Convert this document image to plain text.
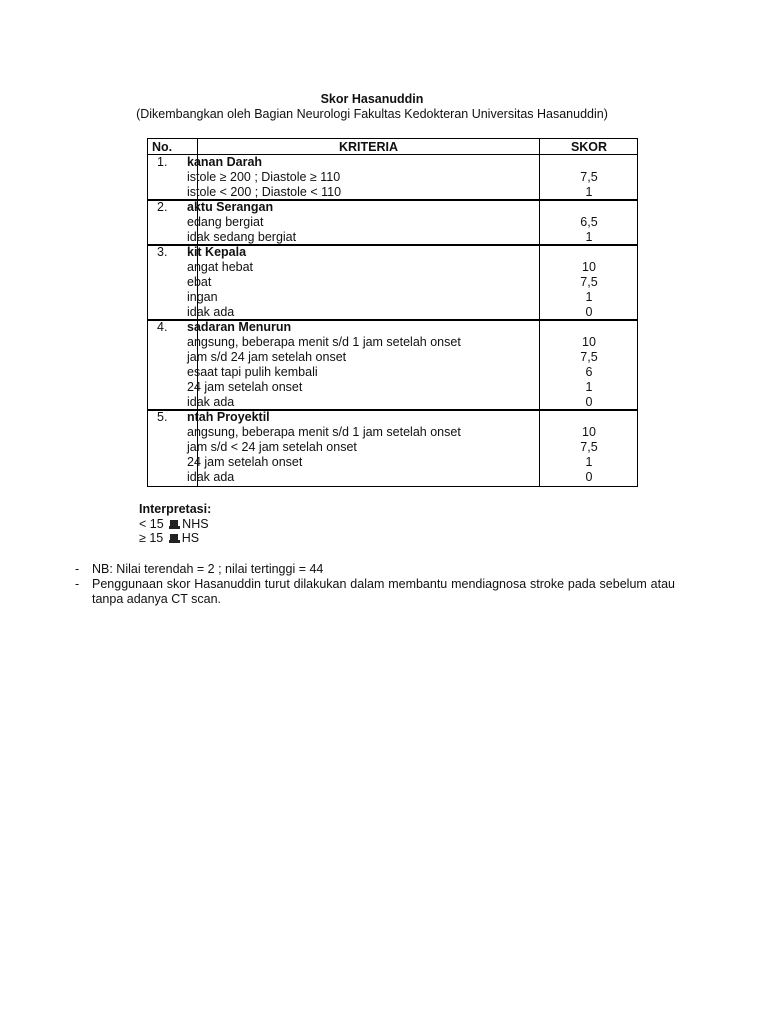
Skor Hasanuddin
(Dikembangkan oleh Bagian Neurologi Fakultas Kedokteran Universitas Hasanuddin)
No.	KRITERIA	SKOR
1. kanan Darah
istole ≥ 200 ; Diastole ≥ 110	7,5
istole < 200 ; Diastole < 110	1
2. aktu Serangan
edang bergiat	6,5
idak sedang bergiat	1
3. kit Kepala
angat hebat	10
ebat	7,5
ingan	1
idak ada	0
4. sadaran Menurun
angsung, beberapa menit s/d 1 jam setelah onset	10
jam s/d 24 jam setelah onset	7,5
esaat tapi pulih kembali	6
24 jam setelah onset	1
idak ada	0
5. ntah Proyektil
angsung, beberapa menit s/d 1 jam setelah onset	10
jam s/d < 24 jam setelah onset	7,5
24 jam setelah onset	1
idak ada	0
Interpretasi:
< 15 NHS
≥ 15 HS
- NB: Nilai terendah = 2 ; nilai tertinggi = 44
- Penggunaan skor Hasanuddin turut dilakukan dalam membantu mendiagnosa stroke pada sebelum atau tanpa adanya CT scan.
